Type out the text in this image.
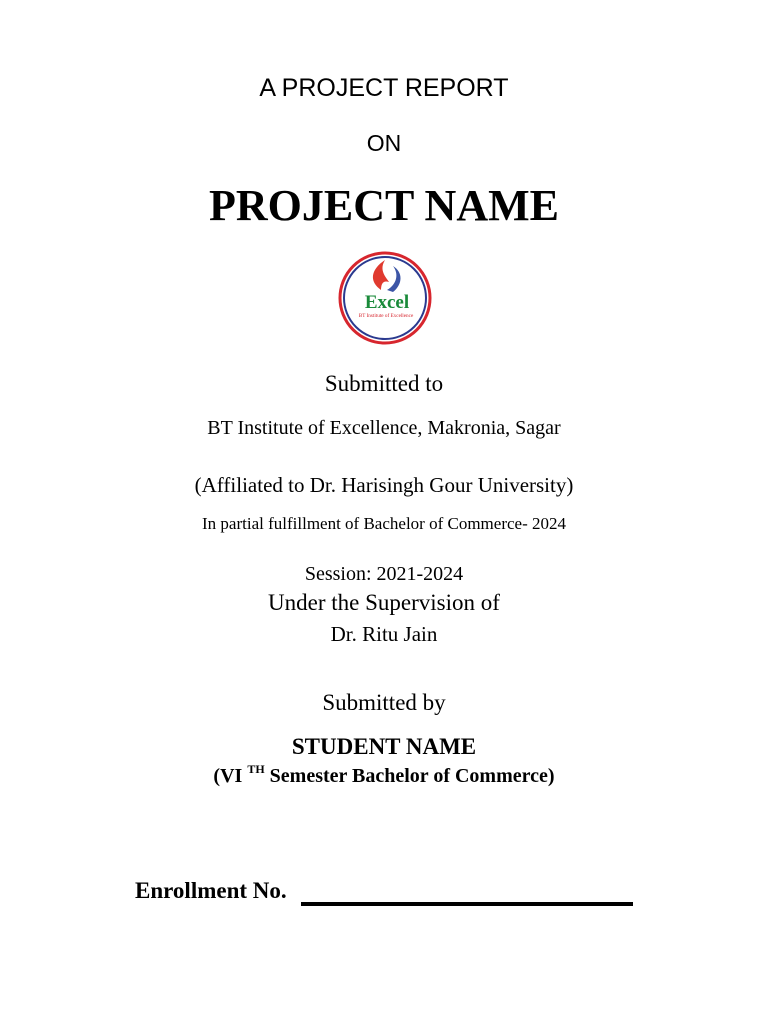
A PROJECT REPORT
ON
PROJECT NAME
Excel
BT Institute of Excellence
Submitted to
BT Institute of Excellence, Makronia, Sagar
(Affiliated to Dr. Harisingh Gour University)
In partial fulfillment of Bachelor of Commerce- 2024
Session: 2021-2024
Under the Supervision of
Dr. Ritu Jain
Submitted by
STUDENT NAME
(VI $^{TH}$ Semester Bachelor of Commerce)
Enrollment No.
